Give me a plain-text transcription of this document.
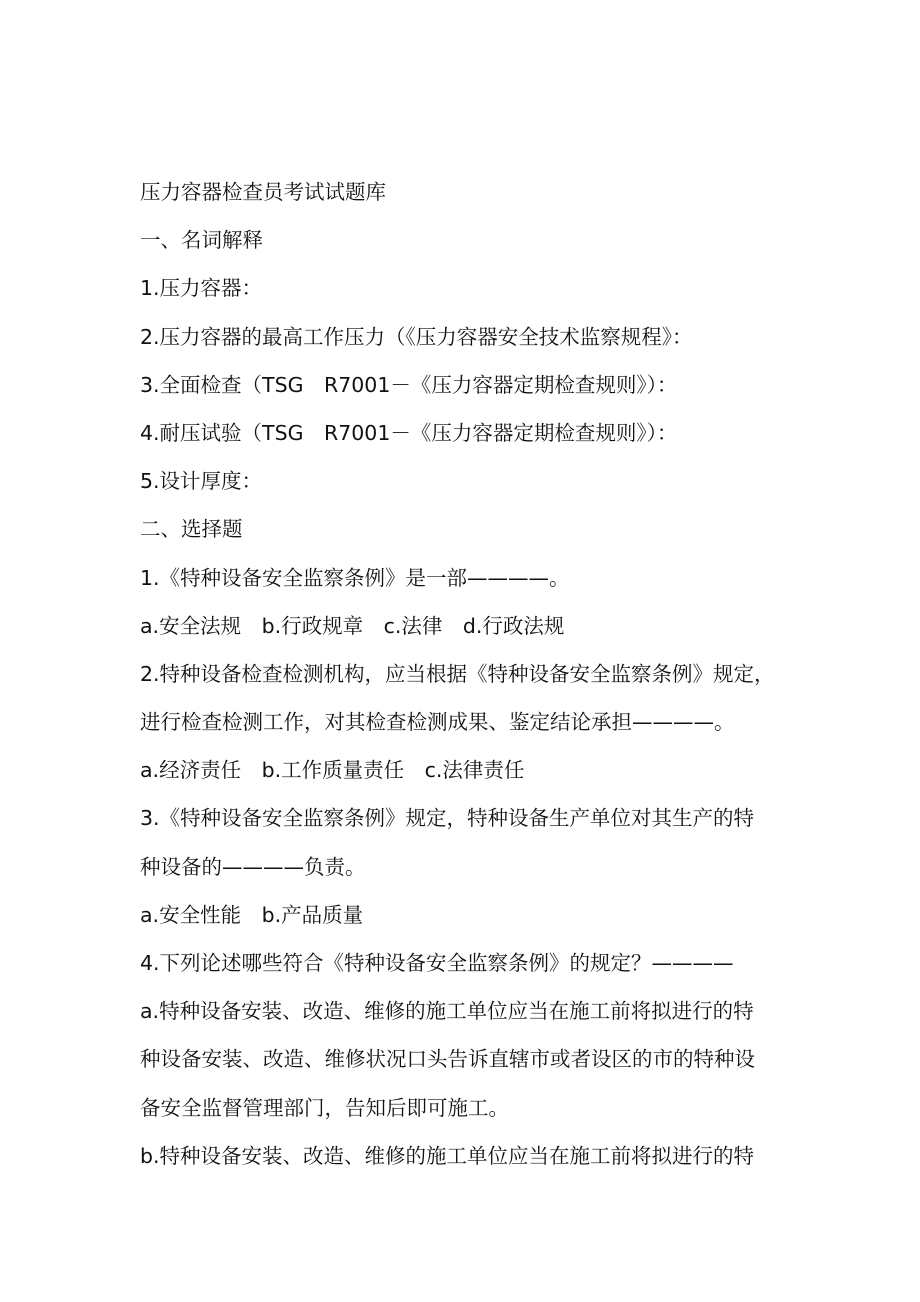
压力容器检查员考试试题库

一、名词解释

1.压力容器：

2.压力容器的最高工作压力（《压力容器安全技术监察规程》：

3.全面检查（TSG　R7001－《压力容器定期检查规则》）：

4.耐压试验（TSG　R7001－《压力容器定期检查规则》）：

5.设计厚度：

二、选择题

1.《特种设备安全监察条例》是一部————。

a.安全法规　b.行政规章　c.法律　d.行政法规

2.特种设备检查检测机构，应当根据《特种设备安全监察条例》规定，

进行检查检测工作，对其检查检测成果、鉴定结论承担————。

a.经济责任　b.工作质量责任　c.法律责任

3.《特种设备安全监察条例》规定，特种设备生产单位对其生产的特

种设备的————负责。

a.安全性能　b.产品质量

4.下列论述哪些符合《特种设备安全监察条例》的规定？————

a.特种设备安装、改造、维修的施工单位应当在施工前将拟进行的特

种设备安装、改造、维修状况口头告诉直辖市或者设区的市的特种设

备安全监督管理部门，告知后即可施工。

b.特种设备安装、改造、维修的施工单位应当在施工前将拟进行的特
